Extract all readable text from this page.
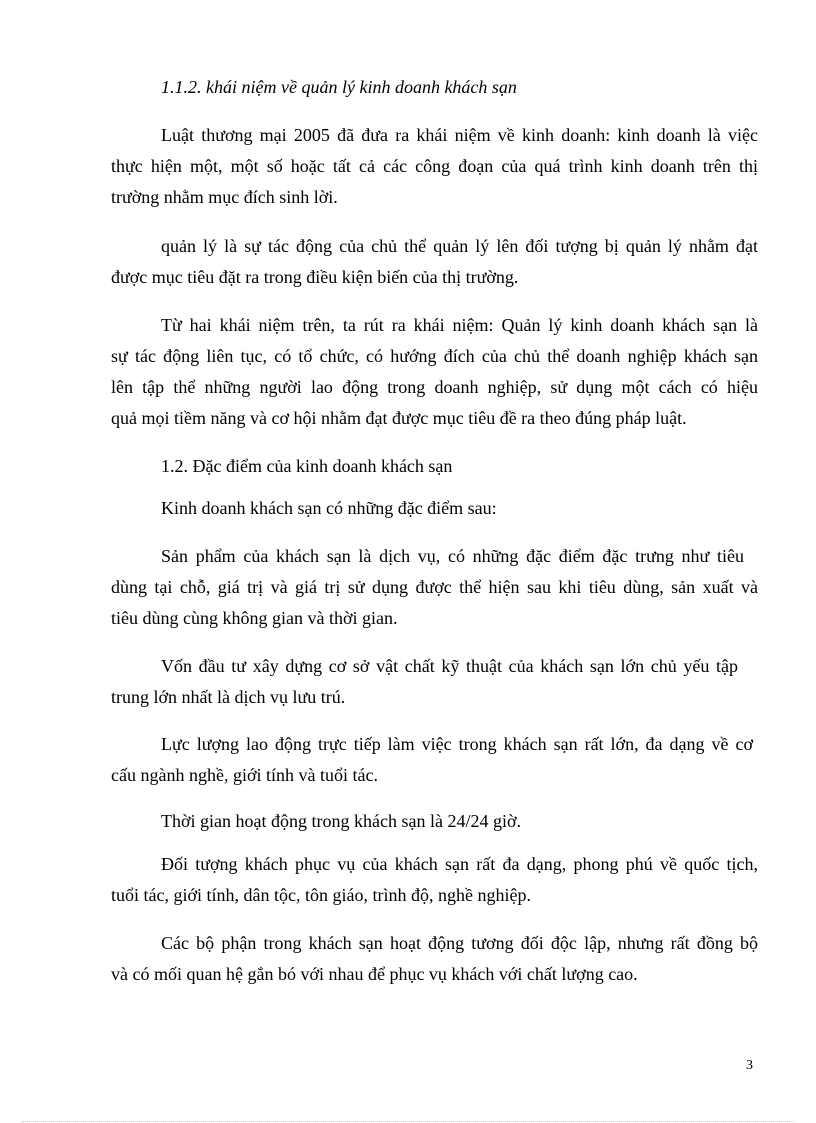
1.1.2. khái niệm về quản lý kinh doanh khách sạn
Luật thương mại 2005 đã đưa ra khái niệm về kinh doanh: kinh doanh là việc
thực hiện một, một số hoặc tất cả các công đoạn của quá trình kinh doanh trên thị
trường nhằm mục đích sinh lời.
quản lý là sự tác động của chủ thể quản lý lên đối tượng bị quản lý nhằm đạt
được mục tiêu đặt ra trong điều kiện biến của thị trường.
Từ hai khái niệm trên, ta rút ra khái niệm: Quản lý kinh doanh khách sạn là
sự tác động liên tục, có tổ chức, có hướng đích của chủ thể doanh nghiệp khách sạn
lên tập thể những người lao động trong doanh nghiệp, sử dụng một cách có hiệu
quả mọi tiềm năng và cơ hội nhằm đạt được mục tiêu đề ra theo đúng pháp luật.
1.2. Đặc điểm của kinh doanh khách sạn
Kinh doanh khách sạn có những đặc điểm sau:
Sản phẩm của khách sạn là dịch vụ, có những đặc điểm đặc trưng như tiêu
dùng tại chỗ, giá trị và giá trị sử dụng được thể hiện sau khi tiêu dùng, sản xuất và
tiêu dùng cùng không gian và thời gian.
Vốn đầu tư xây dựng cơ sở vật chất kỹ thuật của khách sạn lớn chủ yếu tập
trung lớn nhất là dịch vụ lưu trú.
Lực lượng lao động trực tiếp làm việc trong khách sạn rất lớn, đa dạng về cơ
cấu ngành nghề, giới tính và tuổi tác.
Thời gian hoạt động trong khách sạn là 24/24 giờ.
Đối tượng khách phục vụ của khách sạn rất đa dạng, phong phú về quốc tịch,
tuổi tác, giới tính, dân tộc, tôn giáo, trình độ, nghề nghiệp.
Các bộ phận trong khách sạn hoạt động tương đối độc lập, nhưng rất đồng bộ
và có mối quan hệ gắn bó với nhau để phục vụ khách với chất lượng cao.
3
